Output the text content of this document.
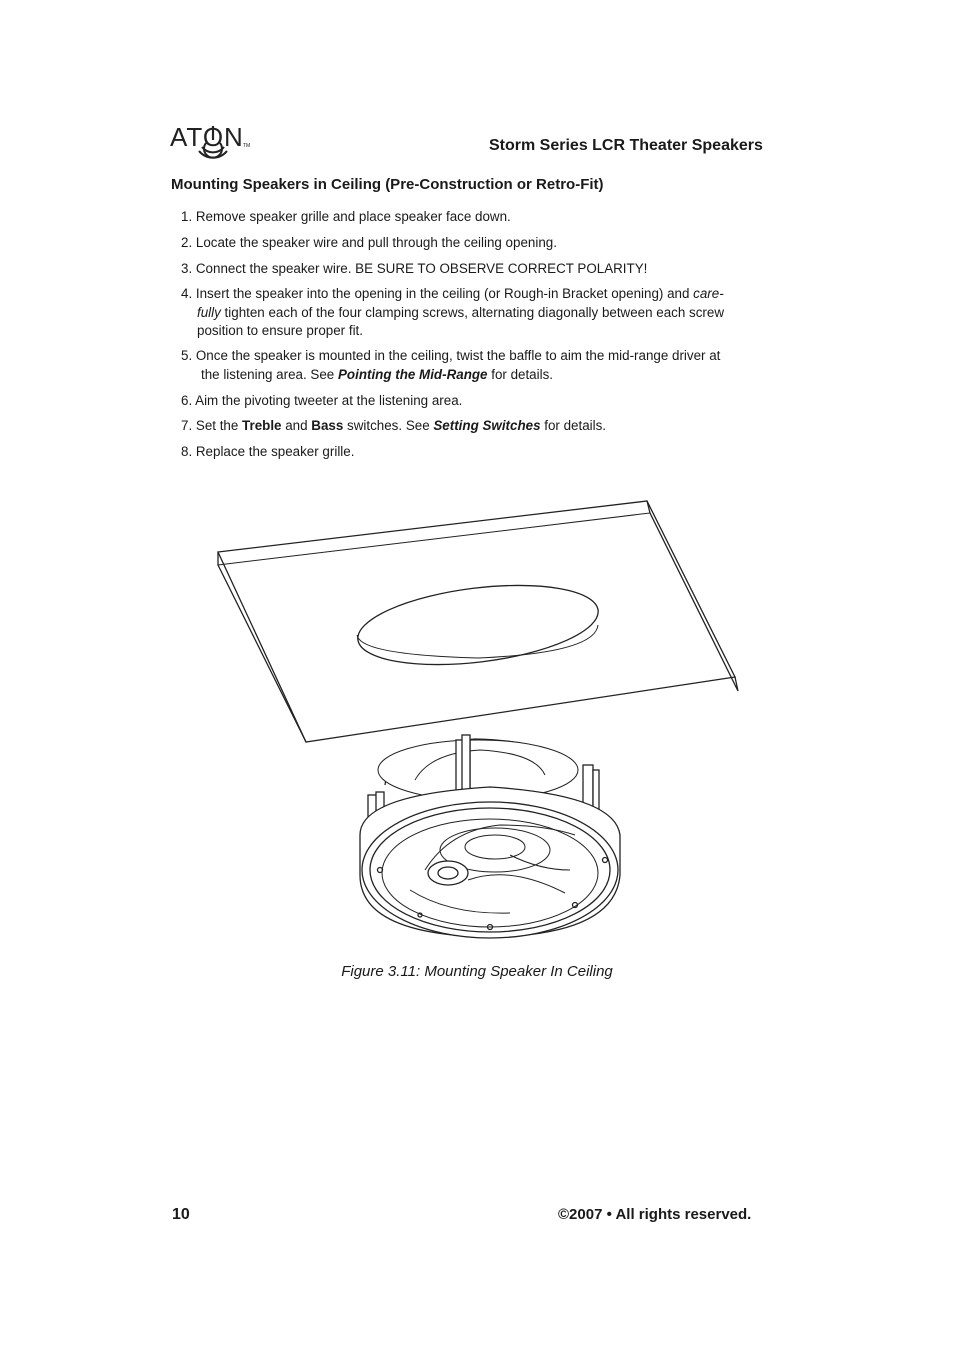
ATON TM	Storm Series LCR Theater Speakers
Mounting Speakers in Ceiling (Pre-Construction or Retro-Fit)
1. Remove speaker grille and place speaker face down.
2. Locate the speaker wire and pull through the ceiling opening.
3. Connect the speaker wire. BE SURE TO OBSERVE CORRECT POLARITY!
4. Insert the speaker into the opening in the ceiling (or Rough-in Bracket opening) and care-
fully tighten each of the four clamping screws, alternating diagonally between each screw
position to ensure proper fit.
5. Once the speaker is mounted in the ceiling, twist the baffle to aim the mid-range driver at
the listening area. See Pointing the Mid-Range for details.
6. Aim the pivoting tweeter at the listening area.
7. Set the Treble and Bass switches. See Setting Switches for details.
8. Replace the speaker grille.
Figure 3.11: Mounting Speaker In Ceiling
10	©2007 • All rights reserved.
